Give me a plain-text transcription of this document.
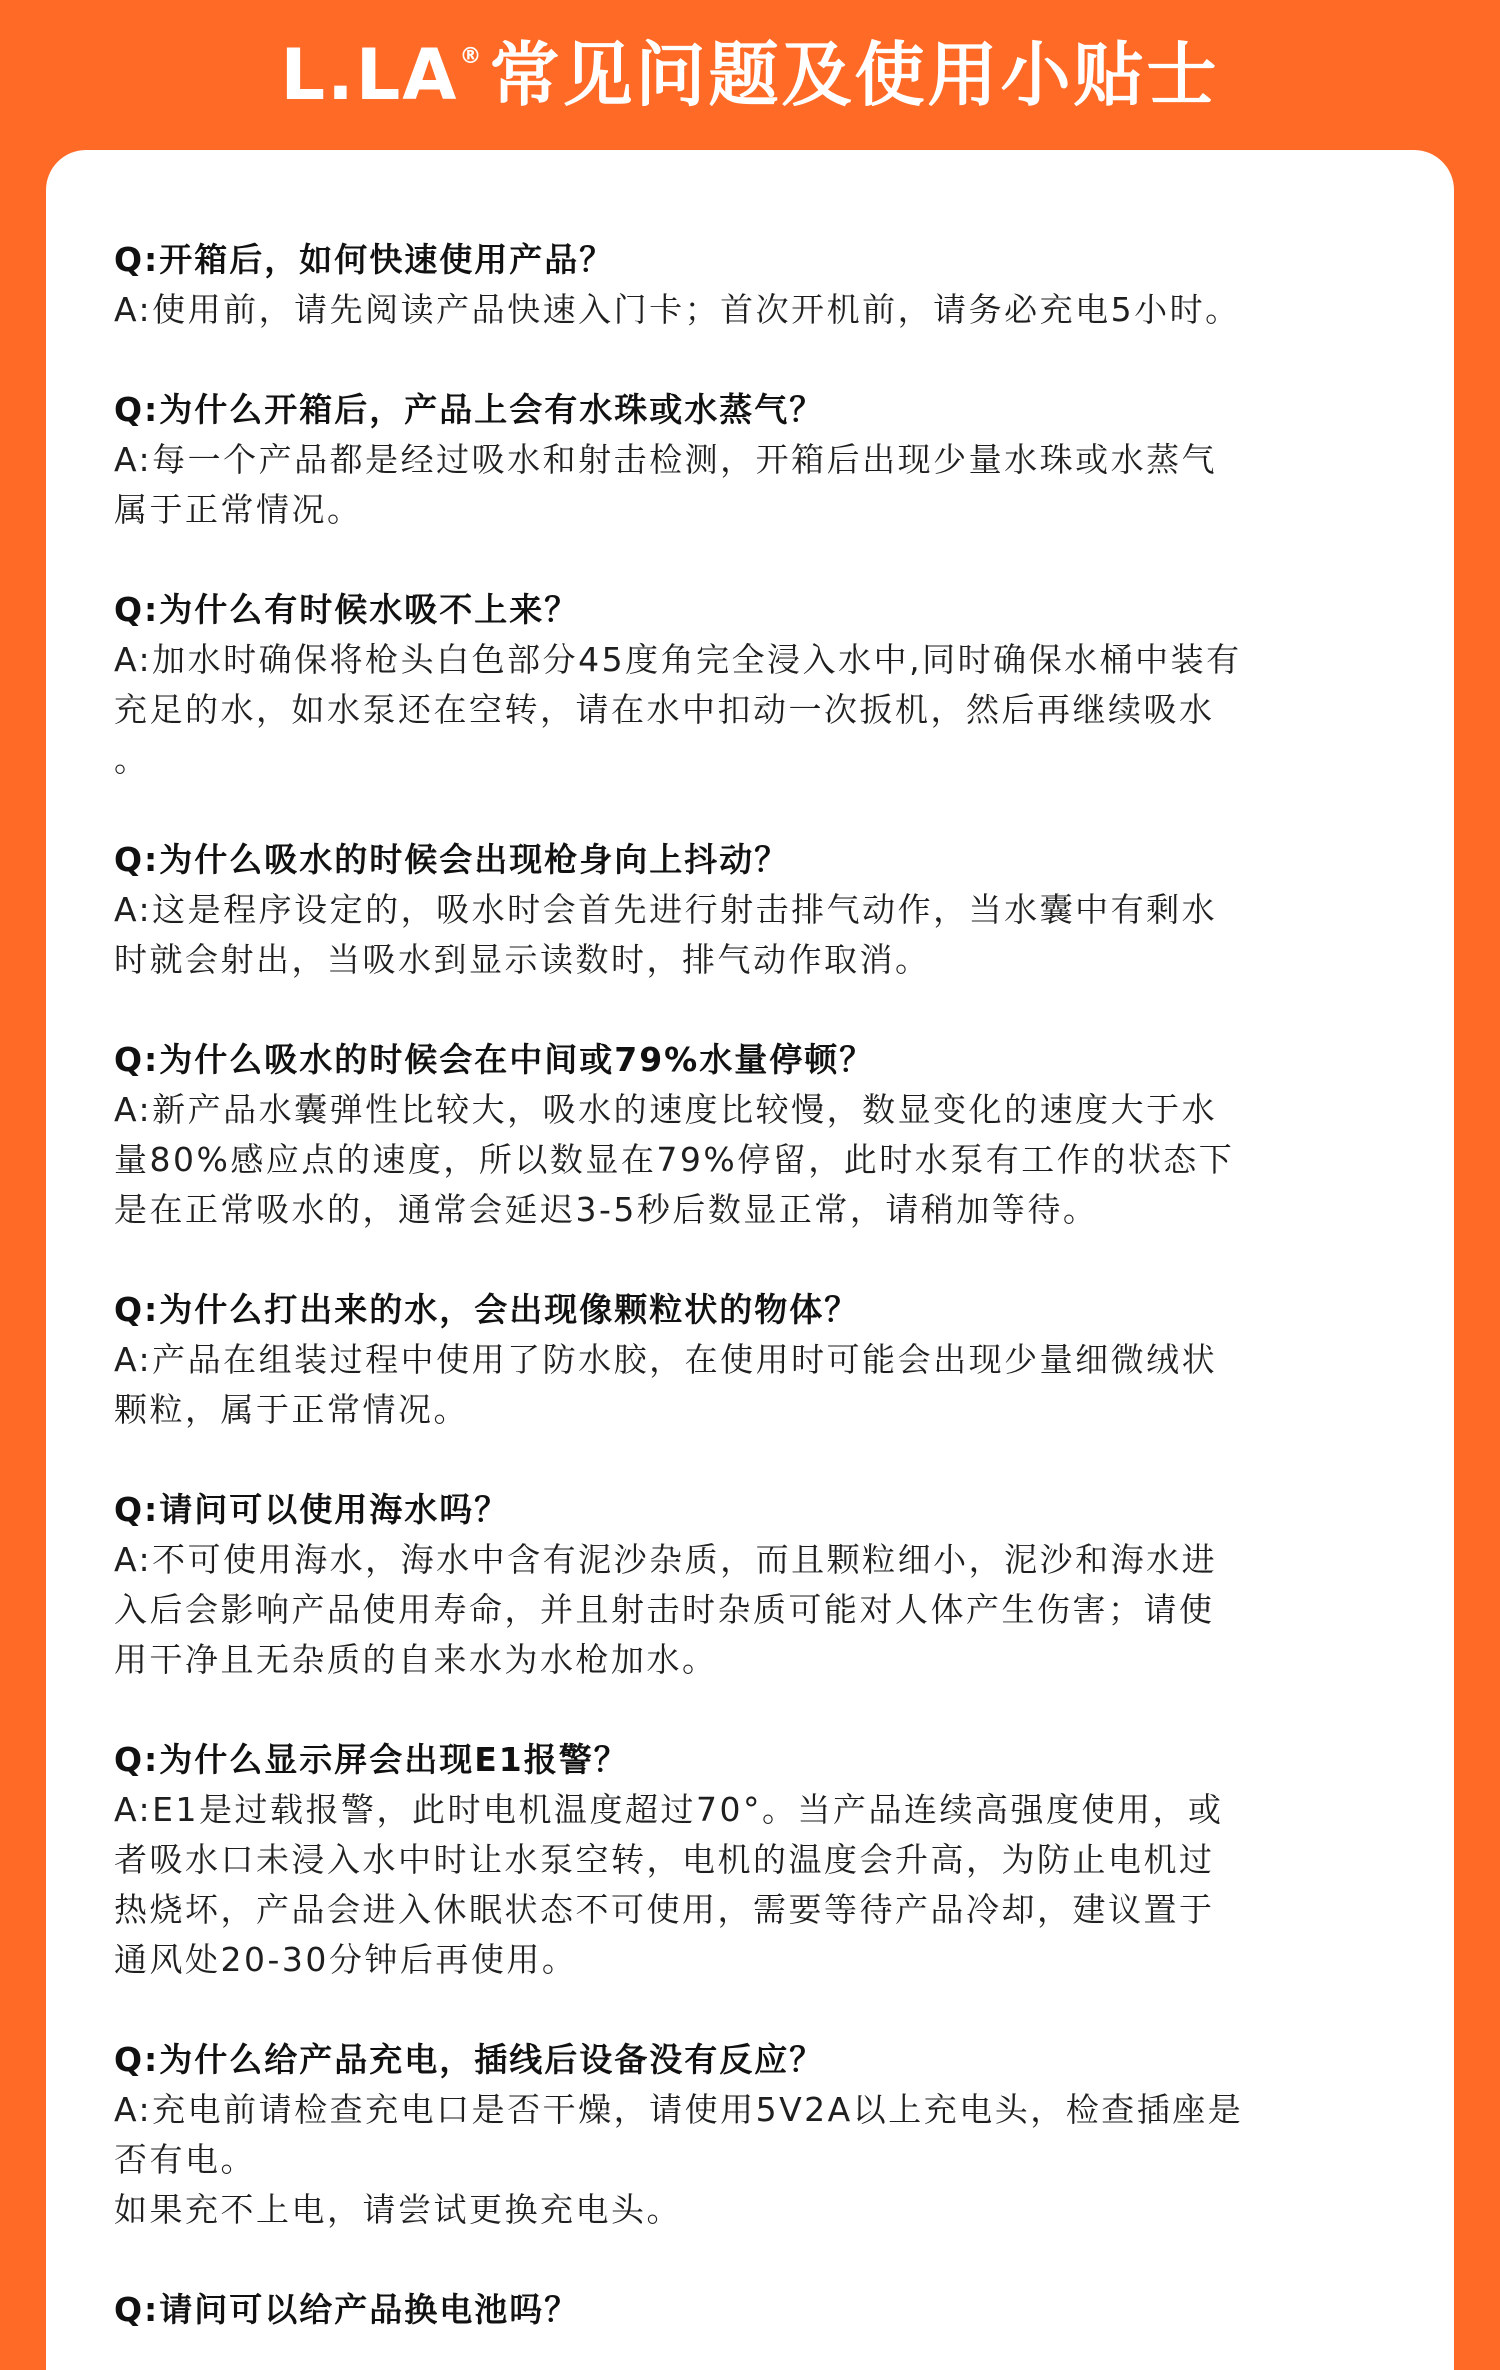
L.LA® 常见问题及使用小贴士
Q:开箱后，如何快速使用产品？
A:使用前，请先阅读产品快速入门卡；首次开机前，请务必充电5小时。
Q:为什么开箱后，产品上会有水珠或水蒸气？
A:每一个产品都是经过吸水和射击检测，开箱后出现少量水珠或水蒸气
属于正常情况。
Q:为什么有时候水吸不上来？
A:加水时确保将枪头白色部分45度角完全浸入水中,同时确保水桶中装有
充足的水，如水泵还在空转，请在水中扣动一次扳机，然后再继续吸水
。
Q:为什么吸水的时候会出现枪身向上抖动？
A:这是程序设定的，吸水时会首先进行射击排气动作，当水囊中有剩水
时就会射出，当吸水到显示读数时，排气动作取消。
Q:为什么吸水的时候会在中间或79%水量停顿？
A:新产品水囊弹性比较大，吸水的速度比较慢，数显变化的速度大于水
量80%感应点的速度，所以数显在79%停留，此时水泵有工作的状态下
是在正常吸水的，通常会延迟3-5秒后数显正常，请稍加等待。
Q:为什么打出来的水，会出现像颗粒状的物体？
A:产品在组装过程中使用了防水胶，在使用时可能会出现少量细微绒状
颗粒，属于正常情况。
Q:请问可以使用海水吗？
A:不可使用海水，海水中含有泥沙杂质，而且颗粒细小，泥沙和海水进
入后会影响产品使用寿命，并且射击时杂质可能对人体产生伤害；请使
用干净且无杂质的自来水为水枪加水。
Q:为什么显示屏会出现E1报警？
A:E1是过载报警，此时电机温度超过70°。当产品连续高强度使用，或
者吸水口未浸入水中时让水泵空转，电机的温度会升高，为防止电机过
热烧坏，产品会进入休眠状态不可使用，需要等待产品冷却，建议置于
通风处20-30分钟后再使用。
Q:为什么给产品充电，插线后设备没有反应？
A:充电前请检查充电口是否干燥，请使用5V2A以上充电头，检查插座是
否有电。
如果充不上电，请尝试更换充电头。
Q:请问可以给产品换电池吗？
